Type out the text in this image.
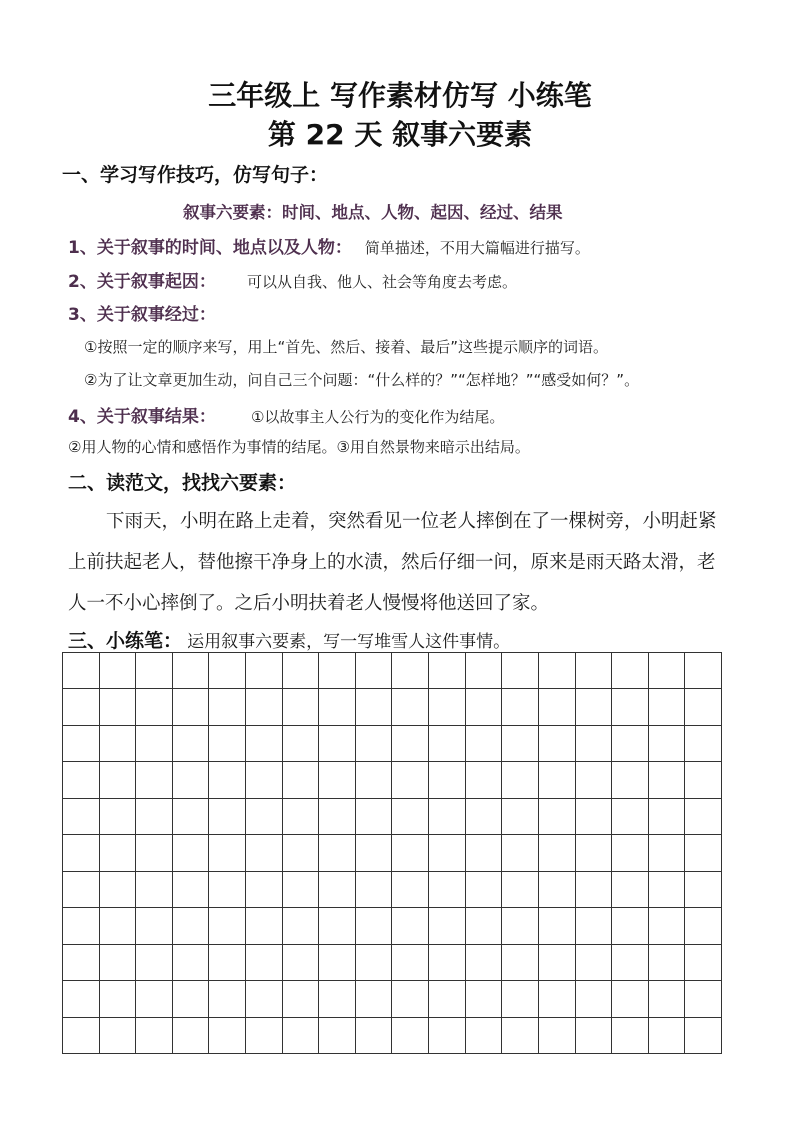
三年级上 写作素材仿写 小练笔
第 22 天 叙事六要素
一、学习写作技巧，仿写句子：
叙事六要素：时间、地点、人物、起因、经过、结果
1、关于叙事的时间、地点以及人物： 简单描述，不用大篇幅进行描写。
2、关于叙事起因： 可以从自我、他人、社会等角度去考虑。
3、关于叙事经过：
①按照一定的顺序来写，用上“首先、然后、接着、最后”这些提示顺序的词语。
②为了让文章更加生动，问自己三个问题：“什么样的？”“怎样地？”“感受如何？”。
4、关于叙事结果： ①以故事主人公行为的变化作为结尾。
②用人物的心情和感悟作为事情的结尾。③用自然景物来暗示出结局。
二、读范文，找找六要素：
下雨天，小明在路上走着，突然看见一位老人摔倒在了一棵树旁，小明赶紧
上前扶起老人，替他擦干净身上的水渍，然后仔细一问，原来是雨天路太滑，老
人一不小心摔倒了。之后小明扶着老人慢慢将他送回了家。
三、小练笔： 运用叙事六要素，写一写堆雪人这件事情。
